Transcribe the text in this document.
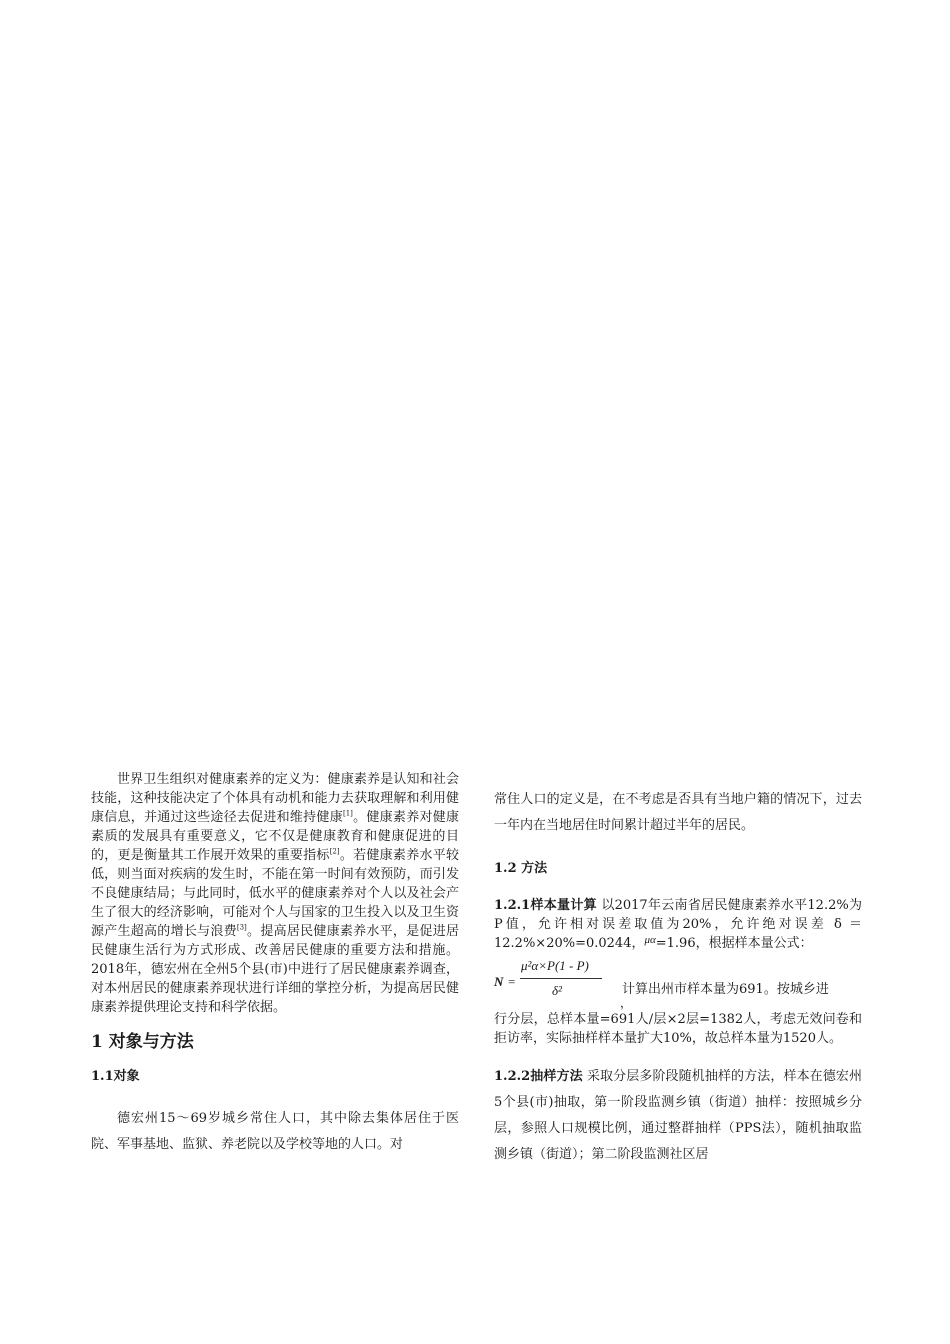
世界卫生组织对健康素养的定义为：健康素养是认知和社会技能，这种技能决定了个体具有动机和能力去获取理解和利用健康信息，并通过这些途径去促进和维持健康[1]。健康素养对健康素质的发展具有重要意义，它不仅是健康教育和健康促进的目的，更是衡量其工作展开效果的重要指标[2]。若健康素养水平较低，则当面对疾病的发生时，不能在第一时间有效预防，而引发不良健康结局；与此同时，低水平的健康素养对个人以及社会产生了很大的经济影响，可能对个人与国家的卫生投入以及卫生资源产生超高的增长与浪费[3]。提高居民健康素养水平，是促进居民健康生活行为方式形成、改善居民健康的重要方法和措施。2018年，德宏州在全州5个县(市)中进行了居民健康素养调查，对本州居民的健康素养现状进行详细的掌控分析，为提高居民健康素养提供理论支持和科学依据。

1 对象与方法
1.1对象

德宏州15～69岁城乡常住人口，其中除去集体居住于医院、军事基地、监狱、养老院以及学校等地的人口。对

常住人口的定义是，在不考虑是否具有当地户籍的情况下，过去一年内在当地居住时间累计超过半年的居民。

1.2 方法

1.2.1样本量计算 以2017年云南省居民健康素养水平12.2%为P值，允许相对误差取值为20%，允许绝对误差 δ ＝12.2%×20%=0.0244，$^{\mu\alpha}$=1.96，根据样本量公式：

N =
μ²α×P(1 - P)
δ²	计算出州市样本量为691。按城乡进
，

行分层，总样本量=691人/层×2层=1382人，考虑无效问卷和拒访率，实际抽样样本量扩大10%，故总样本量为1520人。

1.2.2抽样方法 采取分层多阶段随机抽样的方法，样本在德宏州5个县(市)抽取，第一阶段监测乡镇（街道）抽样：按照城乡分层，参照人口规模比例，通过整群抽样（PPS法），随机抽取监测乡镇（街道）；第二阶段监测社区居
